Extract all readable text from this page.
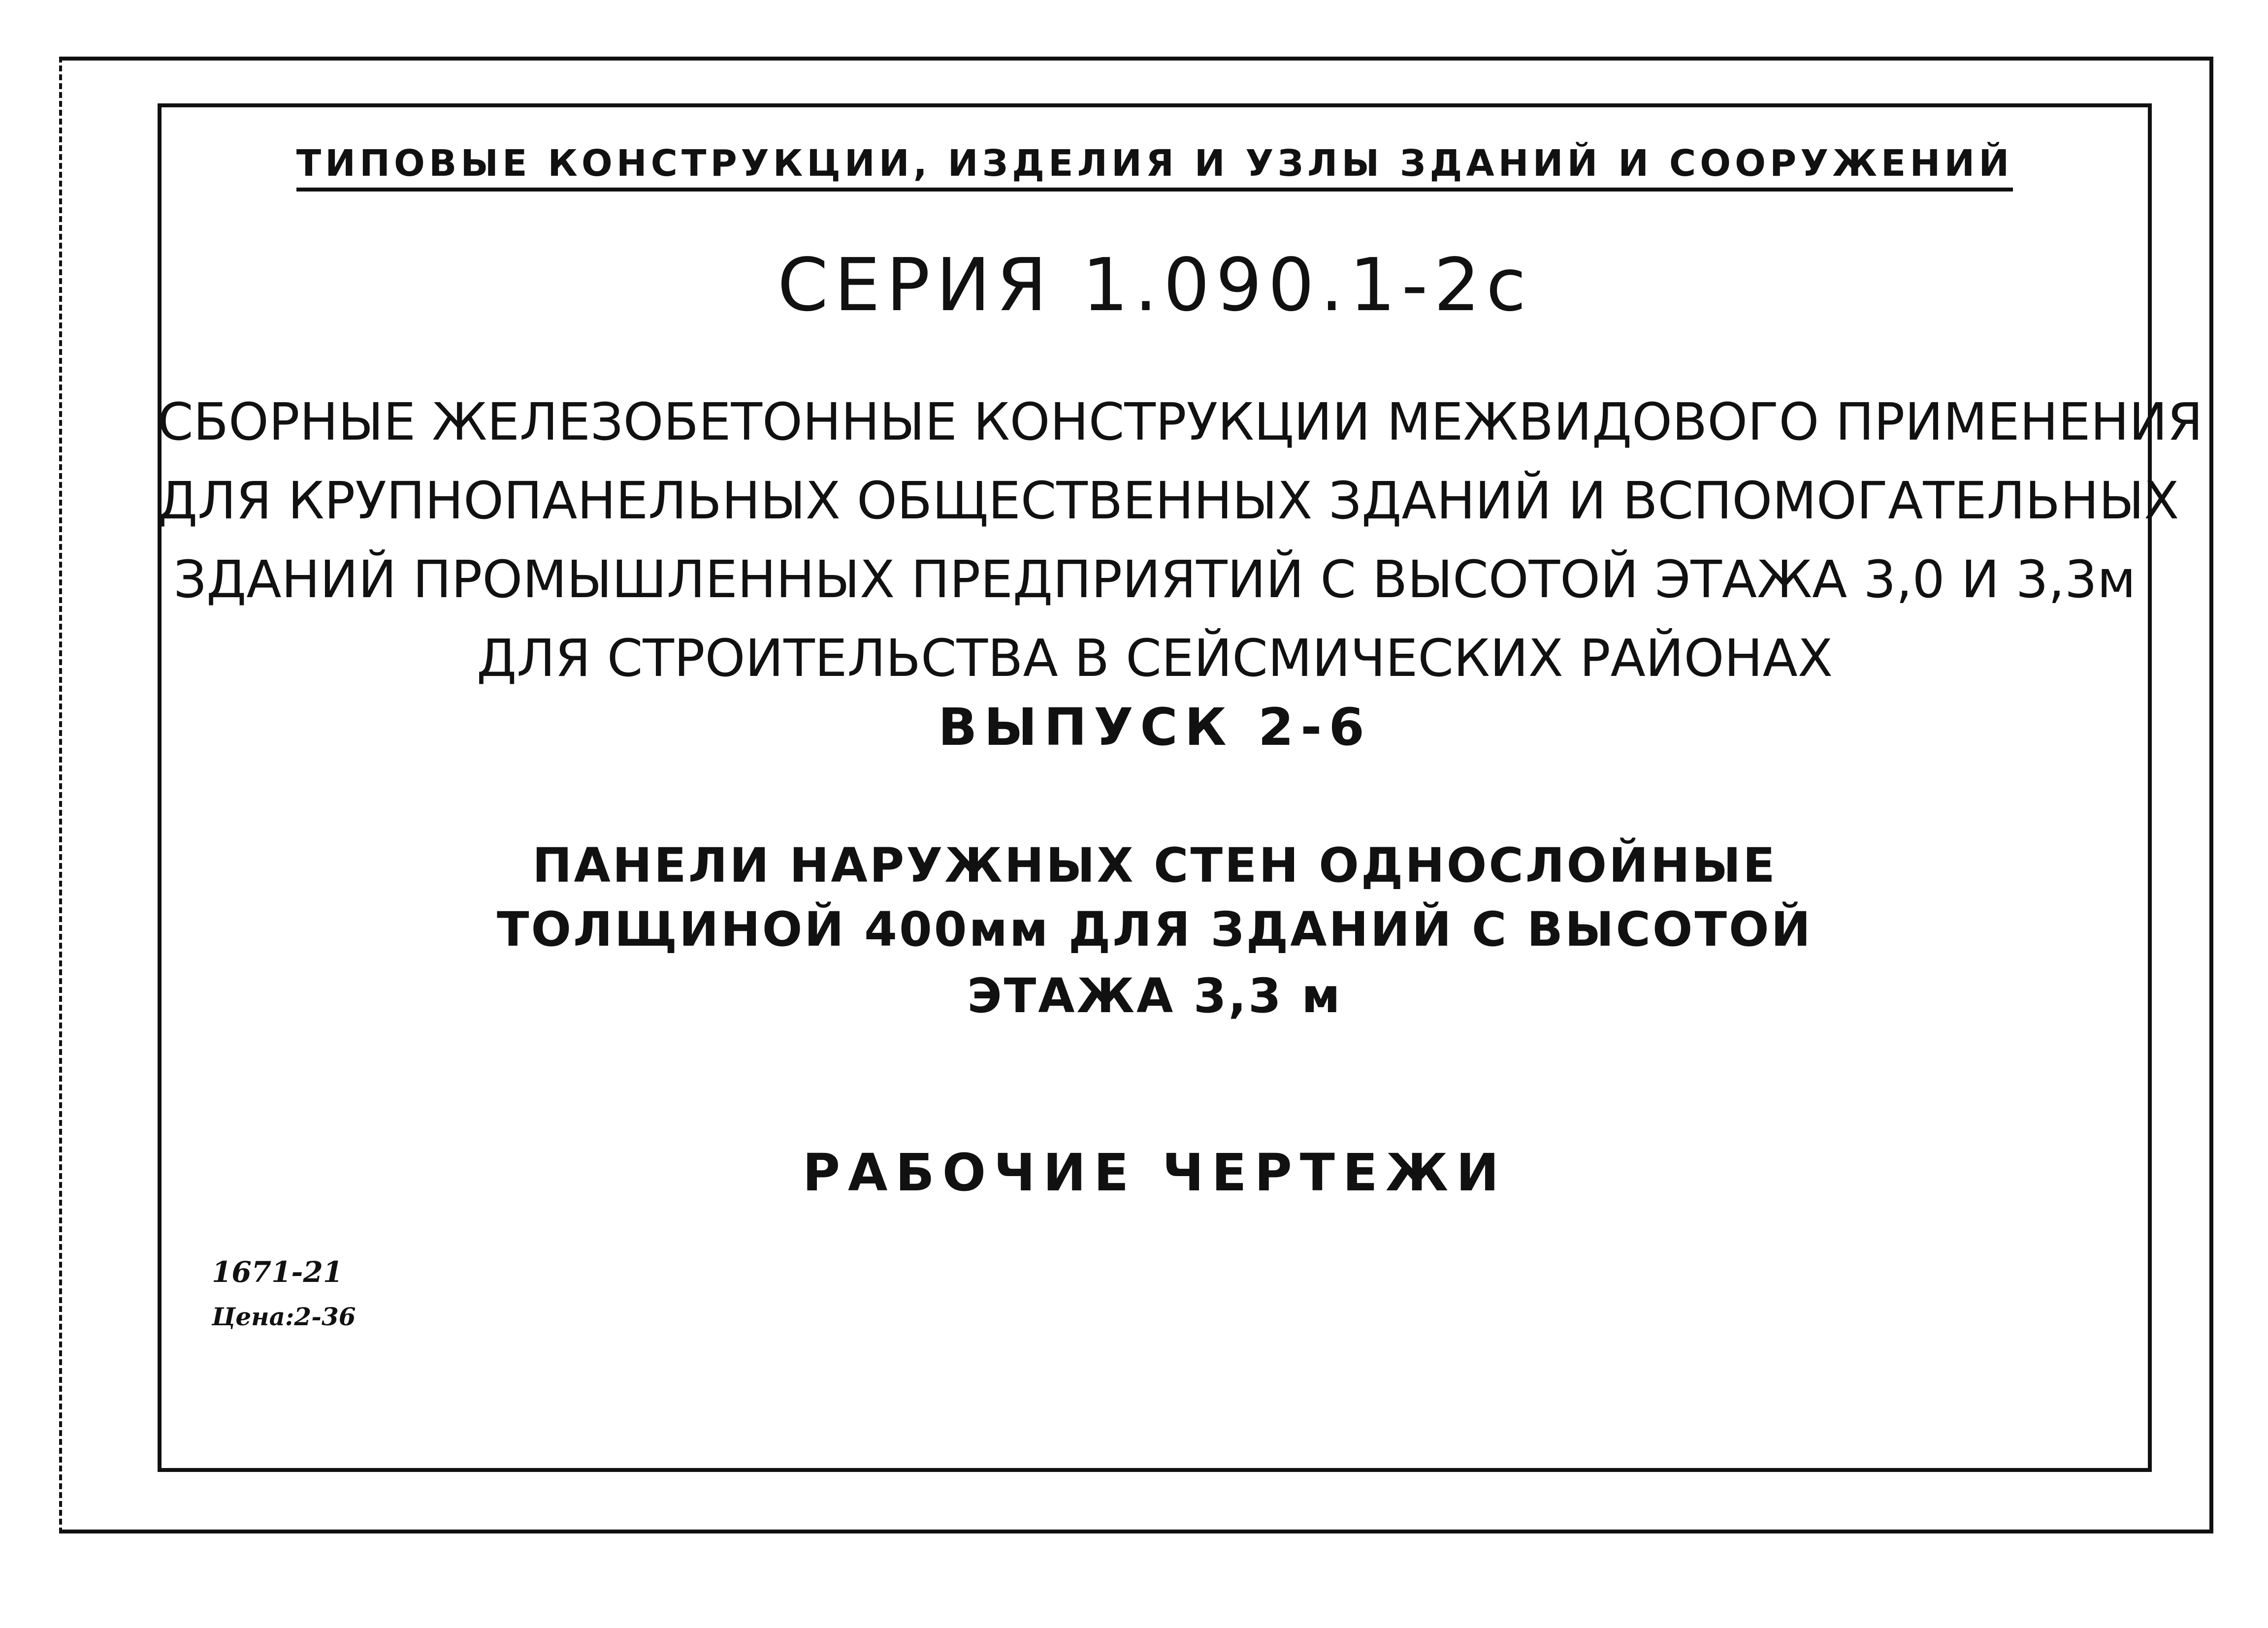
ТИПОВЫЕ КОНСТРУКЦИИ, ИЗДЕЛИЯ И УЗЛЫ ЗДАНИЙ И СООРУЖЕНИЙ
СЕРИЯ 1.090.1-2с
СБОРНЫЕ ЖЕЛЕЗОБЕТОННЫЕ КОНСТРУКЦИИ МЕЖВИДОВОГО ПРИМЕНЕНИЯ
ДЛЯ КРУПНОПАНЕЛЬНЫХ ОБЩЕСТВЕННЫХ ЗДАНИЙ И ВСПОМОГАТЕЛЬНЫХ
ЗДАНИЙ ПРОМЫШЛЕННЫХ ПРЕДПРИЯТИЙ С ВЫСОТОЙ ЭТАЖА 3,0 И 3,3м
ДЛЯ СТРОИТЕЛЬСТВА В СЕЙСМИЧЕСКИХ РАЙОНАХ
ВЫПУСК 2-6
ПАНЕЛИ НАРУЖНЫХ СТЕН ОДНОСЛОЙНЫЕ
ТОЛЩИНОЙ 400мм ДЛЯ ЗДАНИЙ С ВЫСОТОЙ
ЭТАЖА 3,3 м
РАБОЧИЕ ЧЕРТЕЖИ
1671-21
Цена:2-36
